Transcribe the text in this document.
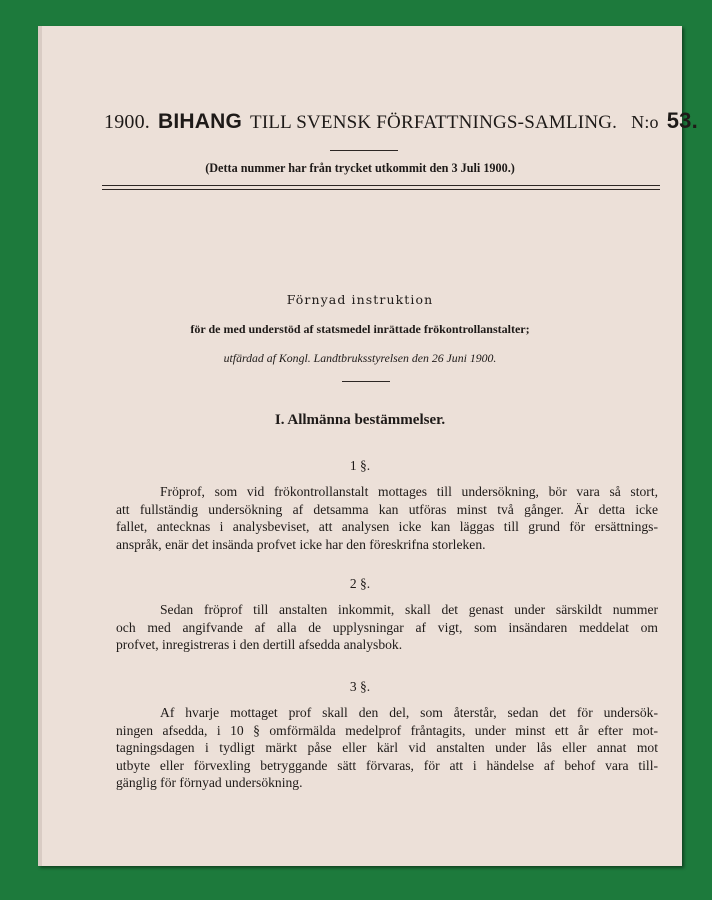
1900. BIHANG TILL SVENSK FÖRFATTNINGS-SAMLING. N:o 53.
(Detta nummer har från trycket utkommit den 3 Juli 1900.)
Förnyad instruktion
för de med understöd af statsmedel inrättade frökontrollanstalter;
utfärdad af Kongl. Landtbruksstyrelsen den 26 Juni 1900.
I. Allmänna bestämmelser.
1 §.
Fröprof, som vid frökontrollanstalt mottages till undersökning, bör vara så stort,
att fullständig undersökning af detsamma kan utföras minst två gånger. Är detta icke
fallet, antecknas i analysbeviset, att analysen icke kan läggas till grund för ersättnings-
anspråk, enär det insända profvet icke har den föreskrifna storleken.
2 §.
Sedan fröprof till anstalten inkommit, skall det genast under särskildt nummer
och med angifvande af alla de upplysningar af vigt, som insändaren meddelat om
profvet, inregistreras i den dertill afsedda analysbok.
3 §.
Af hvarje mottaget prof skall den del, som återstår, sedan det för undersök-
ningen afsedda, i 10 § omförmälda medelprof fråntagits, under minst ett år efter mot-
tagningsdagen i tydligt märkt påse eller kärl vid anstalten under lås eller annat mot
utbyte eller förvexling betryggande sätt förvaras, för att i händelse af behof vara till-
gänglig för förnyad undersökning.
